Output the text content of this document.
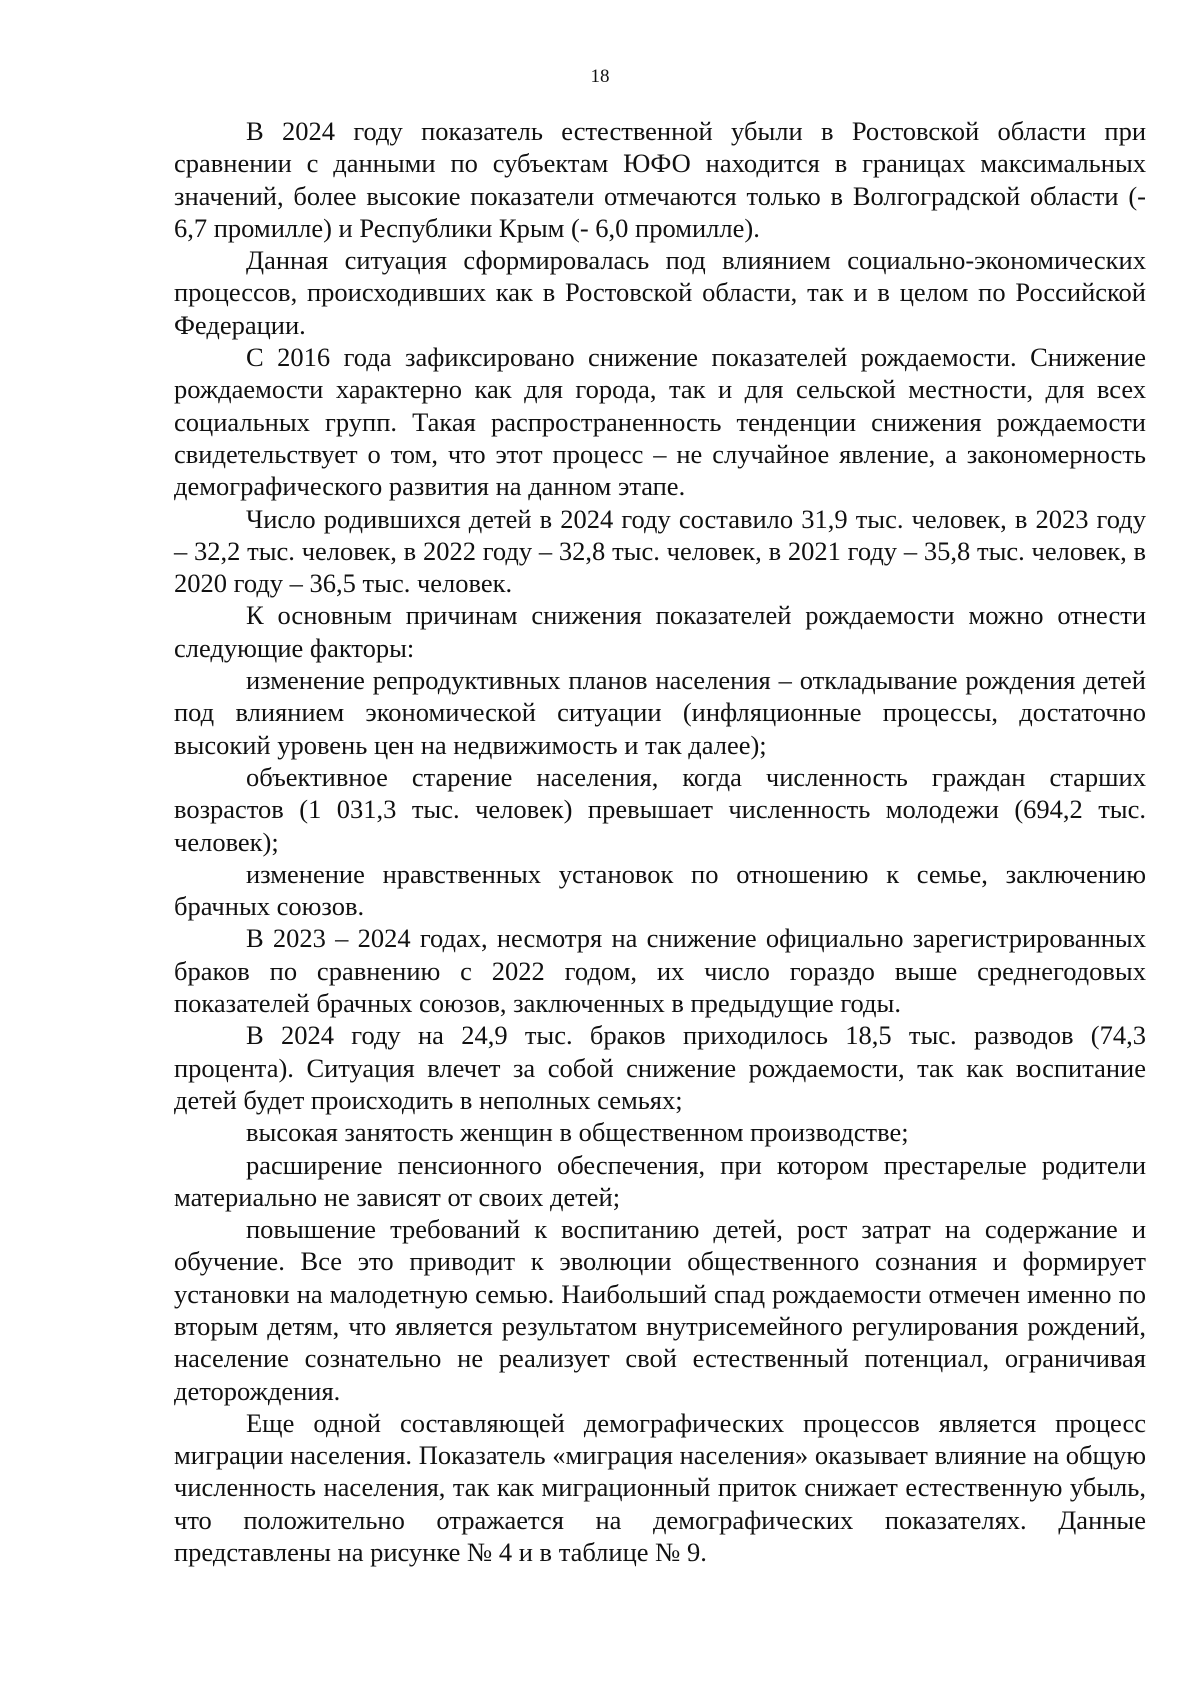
18

В 2024 году показатель естественной убыли в Ростовской области при сравнении с данными по субъектам ЮФО находится в границах максимальных значений, более высокие показатели отмечаются только в Волгоградской области (- 6,7 промилле) и Республики Крым (- 6,0 промилле).

Данная ситуация сформировалась под влиянием социально-экономических процессов, происходивших как в Ростовской области, так и в целом по Российской Федерации.

С 2016 года зафиксировано снижение показателей рождаемости. Снижение рождаемости характерно как для города, так и для сельской местности, для всех социальных групп. Такая распространенность тенденции снижения рождаемости свидетельствует о том, что этот процесс – не случайное явление, а закономерность демографического развития на данном этапе.

Число родившихся детей в 2024 году составило 31,9 тыс. человек, в 2023 году – 32,2 тыс. человек, в 2022 году – 32,8 тыс. человек, в 2021 году – 35,8 тыс. человек, в 2020 году – 36,5 тыс. человек.

К основным причинам снижения показателей рождаемости можно отнести следующие факторы:

изменение репродуктивных планов населения – откладывание рождения детей под влиянием экономической ситуации (инфляционные процессы, достаточно высокий уровень цен на недвижимость и так далее);

объективное старение населения, когда численность граждан старших возрастов (1 031,3 тыс. человек) превышает численность молодежи (694,2 тыс. человек);

изменение нравственных установок по отношению к семье, заключению брачных союзов.

В 2023 – 2024 годах, несмотря на снижение официально зарегистрированных браков по сравнению с 2022 годом, их число гораздо выше среднегодовых показателей брачных союзов, заключенных в предыдущие годы.

В 2024 году на 24,9 тыс. браков приходилось 18,5 тыс. разводов (74,3 процента). Ситуация влечет за собой снижение рождаемости, так как воспитание детей будет происходить в неполных семьях;

высокая занятость женщин в общественном производстве;

расширение пенсионного обеспечения, при котором престарелые родители материально не зависят от своих детей;

повышение требований к воспитанию детей, рост затрат на содержание и обучение. Все это приводит к эволюции общественного сознания и формирует установки на малодетную семью. Наибольший спад рождаемости отмечен именно по вторым детям, что является результатом внутрисемейного регулирования рождений, население сознательно не реализует свой естественный потенциал, ограничивая деторождения.

Еще одной составляющей демографических процессов является процесс миграции населения. Показатель «миграция населения» оказывает влияние на общую численность населения, так как миграционный приток снижает естественную убыль, что положительно отражается на демографических показателях. Данные представлены на рисунке № 4 и в таблице № 9.
